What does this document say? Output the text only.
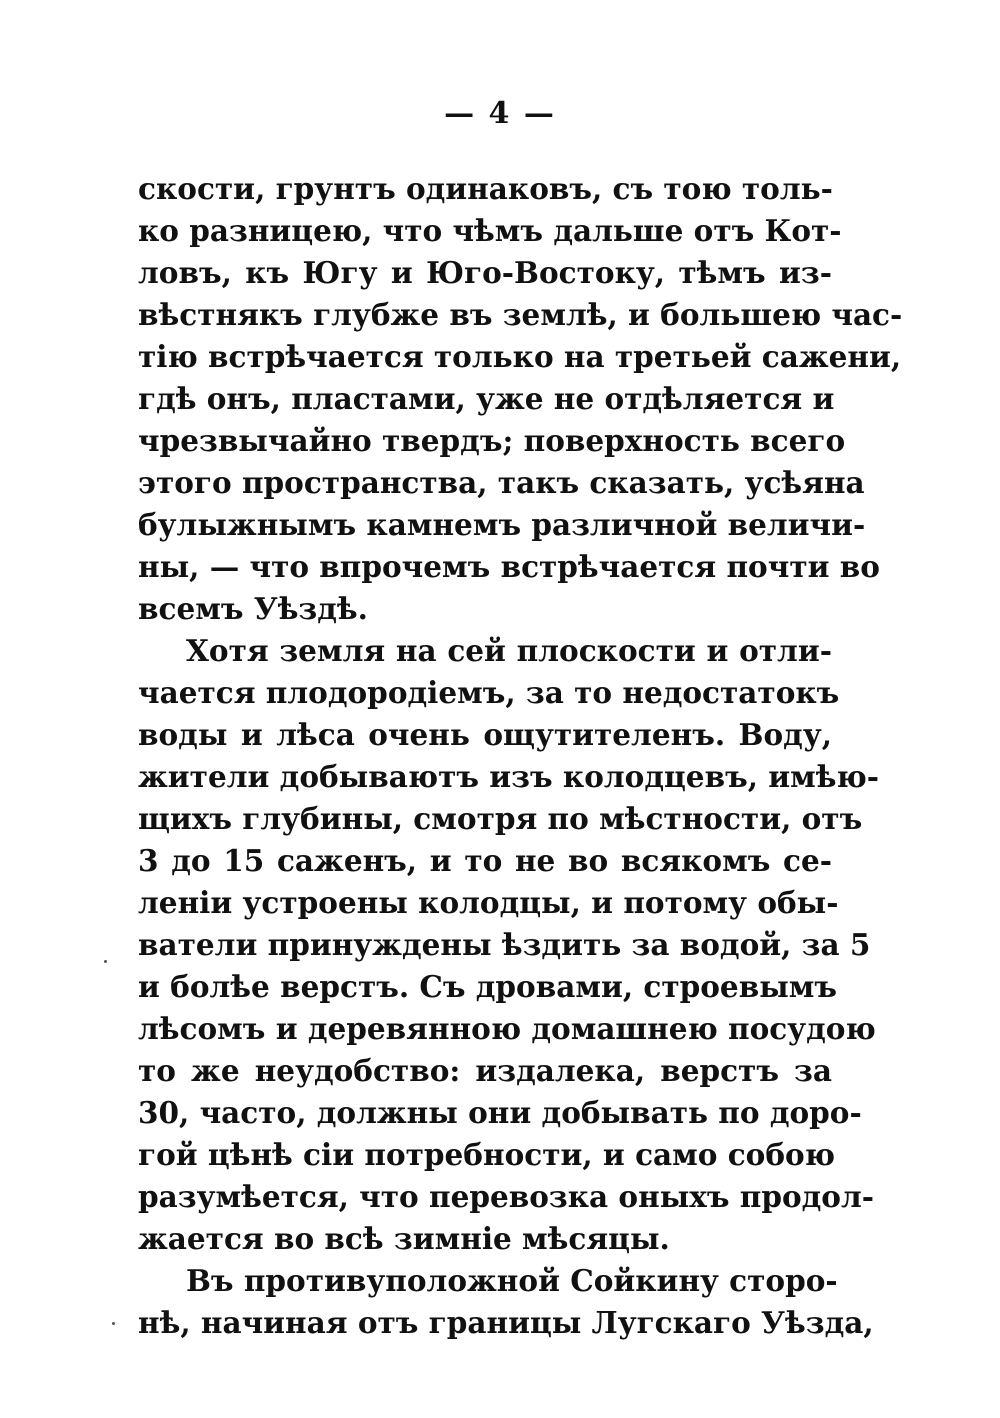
— 4 —
скости, грунтъ одинаковъ, съ тою толь-
ко разницею, что чѣмъ дальше отъ Кот-
ловъ, къ Югу и Юго-Востоку, тѣмъ из-
вѣстнякъ глубже въ землѣ, и большею час-
тію встрѣчается только на третьей сажени,
гдѣ онъ, пластами, уже не отдѣляется и
чрезвычайно твердъ; поверхность всего
этого пространства, такъ сказать, усѣяна
булыжнымъ камнемъ различной величи-
ны, — что впрочемъ встрѣчается почти во
всемъ Уѣздѣ.
Хотя земля на сей плоскости и отли-
чается плодородіемъ, за то недостатокъ
воды и лѣса очень ощутителенъ. Воду,
жители добываютъ изъ колодцевъ, имѣю-
щихъ глубины, смотря по мѣстности, отъ
3 до 15 саженъ, и то не во всякомъ се-
леніи устроены колодцы, и потому обы-
ватели принуждены ѣздить за водой, за 5
и болѣе верстъ. Съ дровами, строевымъ
лѣсомъ и деревянною домашнею посудою
то же неудобство: издалека, верстъ за
30, часто, должны они добывать по доро-
гой цѣнѣ сіи потребности, и само собою
разумѣется, что перевозка оныхъ продол-
жается во всѣ зимніе мѣсяцы.
Въ противуположной Сойкину сторо-
нѣ, начиная отъ границы Лугскаго Уѣзда,
